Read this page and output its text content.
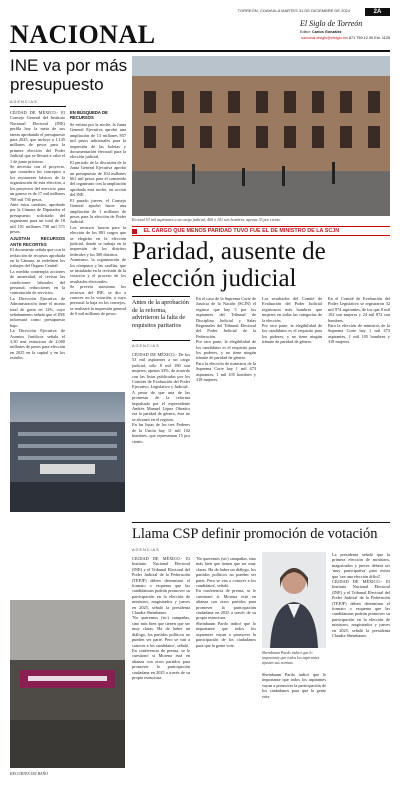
NACIONAL
TORREÓN, COAHUILA MARTES 31 DE DICIEMBRE DE 2024	2A
El Siglo de Torreón
Editor: Carlos González
nacional.elsiglo@elsiglo.mx 871 759 12 00 Ext. 1125
INE va por más
presupuesto
AGENCIAS
CIUDAD DE MÉXICO.- El Consejo General del Instituto Nacional Electoral (INE) perfila hoy la meta de sus tareas aprobando el presupuesto para 2025, que incluye a 1,145 millones de pesos para la primera elección del Poder Judicial que se llevará a cabo el 1 de junio próximo.
Se necesita con el proyecto, que considera los conceptos a los reyunwees básicos de la organización de esta elección, a los proyectos del eiercicio para un grueso es de 17 mil millones 768 mil 736 pesos.
Ante estos cambios, aprobado por la Cámara de Diputados el presupuesto solicitado del organismo para un total de 18 mil 101 millones 738 mil 571 pesos.
AJUSTAN RECURSOS ANTE RECORTES
El documento señala que con la reducción de recursos aprobada en la Cámara, se redefinen los trabajos del Órgano Central.
La medida contempla acciones de austeridad, el revisar las condiciones laborales del personal, reducciones en la contratación de servicios.
La Dirección Ejecutiva de Administración tiene el monto total de gasto en 12%, cuyo señalamiento señala que el INE informará como presupuesto bajo.
La Dirección Ejecutiva de Asuntos Jurídicos señala el 3,30 una estructura de 2,000 millones de pesos para elección en 2025 en la capital y en los estados.
EN BÚSQUEDA DE RECURSOS
Se estima por la noche, la Junta General Ejecutiva aprobó una ampliación de 13 millones 857 mil pesos adicionales para la impresión de las boletas y documentación electoral para la elección judicial.
El periodo de la discusión de la Junta General Ejecutiva aprobó un presupuesto de 104 millones 661 mil pesos para el contenido del organismo con la ampliación aprobada esta noche, en acción del INE.
El pasado jueves, el Consejo General aprobó hacer una ampliación de 1 millones de pesos para la elección de Poder Judicial.
Los recursos fueron para la elección de los 881 cargos que se elegirán en la elección judicial, donde se trabaja en la impresión de los distritos federales y los 300 distritos.
Asimismo, la organización de los cómputos y las casillas, que se instalarán en la revisión de la votación y el proceso de los resultados electorales.
Se preveía asimismo los recursos del INE, se dio a conocer en la votación, a cuyo personal la baja en los consejos, se realizará la impresión general de 6 mil millones de pesos.
En total 53 mil aspirantes a un cargo judicial, 460 ó 101 son hombres, apenas 33 por ciento.
$^{EL CARGO QUE MENOS PARIDAD TUVO FUE EL DE MINISTRO DE LA SCJN}$
Paridad, ausente de
elección judicial
Antes de la aprobación de la reforma, advirtieron la falta de requisitos paritarios
AGENCIAS
CIUDAD DE MÉXICO.- De los 53 mil aspirantes a un cargo judicial, sólo 8 mil 180 son mujeres, apenas 33%, de acuerdo con las listas publicadas por los Comités de Evaluación del Poder Ejecutivo, Legislativo y Judicial.
A pesar de que una de las promesas de la reforma impulsada por el expresidente Andrés Manuel López Obrador era la paridad de género, ésta no se alcanzó en el registro.
En las listas de los tres Poderes de la Unión hay 11 mil 102 hombres, que representan 15 por ciento.
En el caso de la Suprema Corte de Justicia de la Nación (SCJN) el registro que hay 5 por los aspirantes del Tribunal de Disciplina Judicial y Salas Regionales del Tribunal Electoral del Poder Judicial de la Federación.
Por otra parte, la elegibilidad de los candidatos es el requisito para los poderes, y no tiene ningún trámite de paridad de género.
Para la elección de ministros de la Suprema Corte hay 1 mil 473 aspirantes, 1 mil 105 hombres y 318 mujeres.
Los resultados del Comité de Evaluación del Poder Judicial registraron más hombres que mujeres en todas las categorías de la elección.
Por otra parte, la elegibilidad de los candidatos es el requisito para los poderes, y no tiene ningún trámite de paridad de género.
En el Comité de Evaluación del Poder Legislativo se registraron 32 mil 974 aspirantes, de los que 8 mil 102 son mujeres y 24 mil 872 son hombres.
Para la elección de ministros de la Suprema Corte hay 1 mil 473 aspirantes, 1 mil 105 hombres y 318 mujeres.
Llama CSP definir promoción de votación
AGENCIAS
CIUDAD DE MÉXICO.- El Instituto Nacional Electoral (INE) y el Tribunal Electoral del Poder Judicial de la Federación (TEPJF) deben determinar el formato o esquema que las candidaturas podrán promover su participación en la elección de ministros, magistrados y jueces en 2025, señaló la presidenta Claudia Sheinbaum.
'No queremos (sic) campañas, sino más bien que tienen que ser muy claras. Ha de haber un diálogo, los partidos políticos no pueden ser parte. Pero se van a conocer a los candidatos', señaló.
En conferencia de prensa, se le cuestionó si Morena está en alianza con otros partidos para promover la participación ciudadana en 2025 a través de su propia estructura.
'No queremos (sic) campañas, sino más bien que tienen que ser muy claras. Ha de haber un diálogo, los partidos políticos no pueden ser parte. Pero se van a conocer a los candidatos', señaló.
En conferencia de prensa, se le cuestionó si Morena está en alianza con otros partidos para promover la participación ciudadana en 2025 a través de su propia estructura.
Sheinbaum Pardo indicó que lo importante que todos los aspirantes vayan a promover la participación de los ciudadanos para que la gente vote.
Sheinbaum Pardo indicó que lo importante que todos los aspirantes ajusten sus normas.
Sheinbaum Pardo indicó que lo importante que todos los aspirantes vayan a promover la participación de los ciudadanos para que la gente vote.
La presidenta señaló que la primera elección de ministros, magistrados y jueces deberá ser 'muy participativa' para evitar que 'sea una elección difícil'.
CIUDAD DE MÉXICO.- El Instituto Nacional Electoral (INE) y el Tribunal Electoral del Poder Judicial de la Federación (TEPJF) deben determinar el formato o esquema que las candidaturas podrán promover su participación en la elección de ministros, magistrados y jueces en 2025, señaló la presidenta Claudia Sheinbaum.
RECORTES SIN BAÑO
